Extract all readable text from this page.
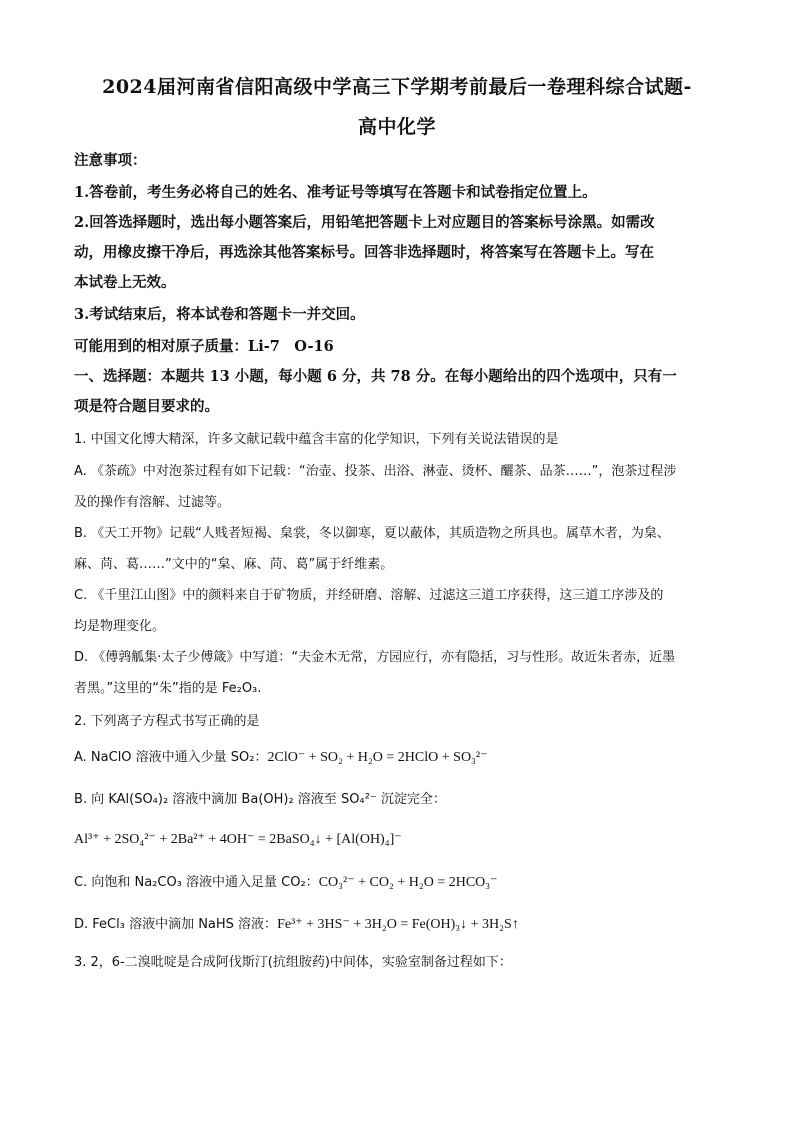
2024届河南省信阳高级中学高三下学期考前最后一卷理科综合试题-
高中化学
注意事项：
1.答卷前，考生务必将自己的姓名、准考证号等填写在答题卡和试卷指定位置上。
2.回答选择题时，选出每小题答案后，用铅笔把答题卡上对应题目的答案标号涂黑。如需改
动，用橡皮擦干净后，再选涂其他答案标号。回答非选择题时，将答案写在答题卡上。写在
本试卷上无效。
3.考试结束后，将本试卷和答题卡一并交回。
可能用到的相对原子质量：Li-7　O-16
一、选择题：本题共 13 小题，每小题 6 分，共 78 分。在每小题给出的四个选项中，只有一
项是符合题目要求的。
1. 中国文化博大精深，许多文献记载中蕴含丰富的化学知识，下列有关说法错误的是
A. 《茶疏》中对泡茶过程有如下记载：“治壶、投茶、出浴、淋壶、烫杯、釃茶、品茶……”，泡茶过程涉
及的操作有溶解、过滤等。
B. 《天工开物》记载“人贱者短褐、枲裳，冬以御寒，夏以蔽体，其质造物之所具也。属草木者，为枲、
麻、苘、葛……”文中的“枲、麻、苘、葛”属于纤维素。
C. 《千里江山图》中的颜料来自于矿物质，并经研磨、溶解、过滤这三道工序获得，这三道工序涉及的
均是物理变化。
D. 《傅鹑觚集·太子少傅箴》中写道：“夫金木无常，方园应行，亦有隐括，习与性形。故近朱者赤，近墨
者黑。”这里的“朱”指的是 Fe₂O₃.
2. 下列离子方程式书写正确的是
A. NaClO 溶液中通入少量 SO₂：2ClO⁻ + SO₂ + H₂O = 2HClO + SO₃²⁻
B. 向 KAl(SO₄)₂ 溶液中滴加 Ba(OH)₂ 溶液至 SO₄²⁻ 沉淀完全：
Al³⁺ + 2SO₄²⁻ + 2Ba²⁺ + 4OH⁻ = 2BaSO₄↓ + [Al(OH)₄]⁻
C. 向饱和 Na₂CO₃ 溶液中通入足量 CO₂：CO₃²⁻ + CO₂ + H₂O = 2HCO₃⁻
D. FeCl₃ 溶液中滴加 NaHS 溶液：Fe³⁺ + 3HS⁻ + 3H₂O = Fe(OH)₃↓ + 3H₂S↑
3. 2，6-二溴吡啶是合成阿伐斯汀(抗组胺药)中间体，实验室制备过程如下：
